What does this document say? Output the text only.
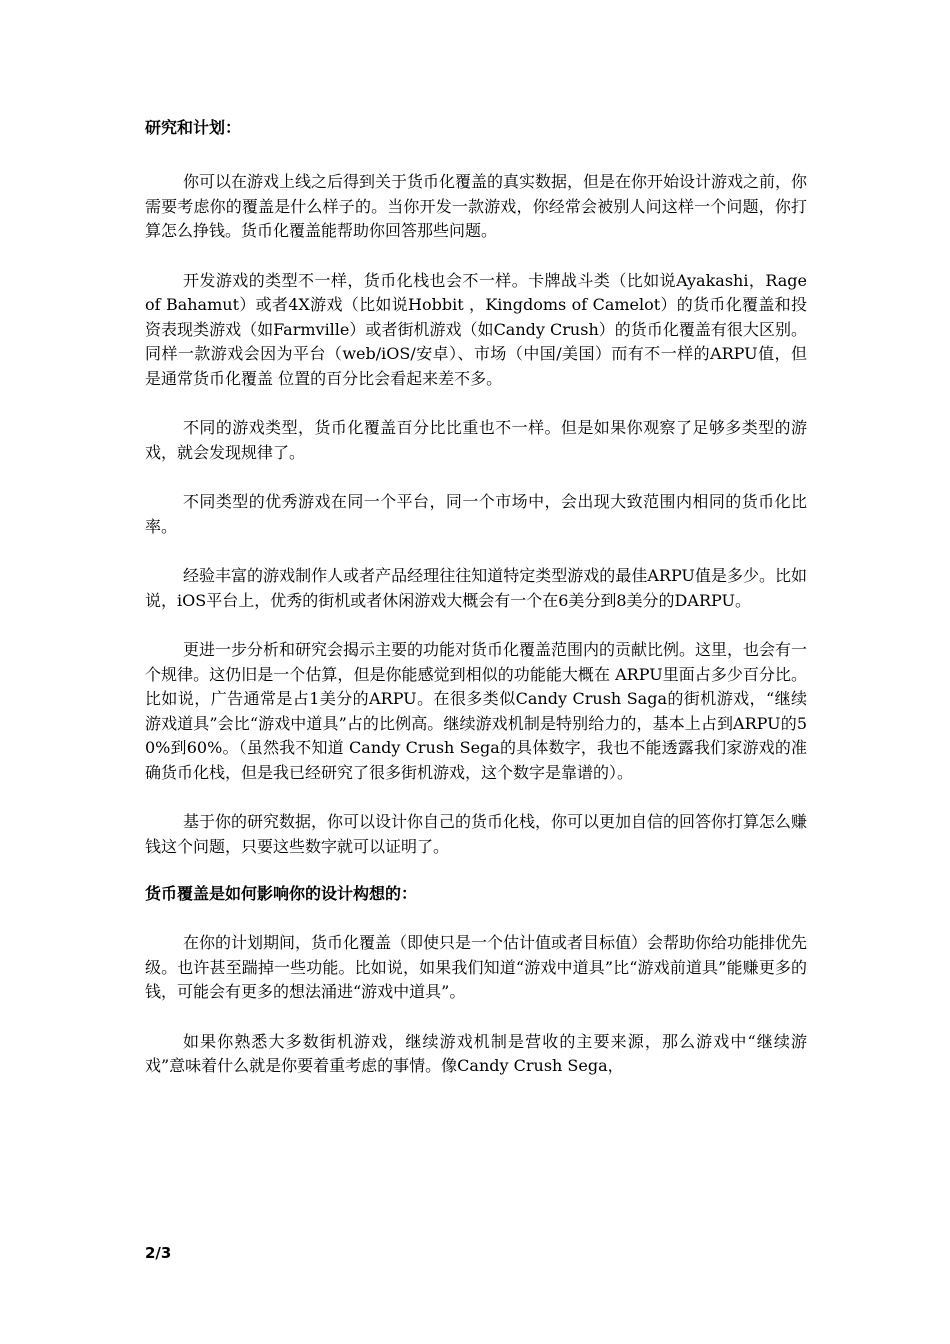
研究和计划：

你可以在游戏上线之后得到关于货币化覆盖的真实数据，但是在你开始设计游戏之前，你需要考虑你的覆盖是什么样子的。当你开发一款游戏，你经常会被别人问这样一个问题，你打算怎么挣钱。货币化覆盖能帮助你回答那些问题。

开发游戏的类型不一样，货币化栈也会不一样。卡牌战斗类（比如说Ayakashi，Rage of Bahamut）或者4X游戏（比如说Hobbit ，Kingdoms of Camelot）的货币化覆盖和投资表现类游戏（如Farmville）或者街机游戏（如Candy Crush）的货币化覆盖有很大区别。同样一款游戏会因为平台（web/iOS/安卓）、市场（中国/美国）而有不一样的ARPU值，但是通常货币化覆盖 位置的百分比会看起来差不多。

不同的游戏类型，货币化覆盖百分比比重也不一样。但是如果你观察了足够多类型的游戏，就会发现规律了。

不同类型的优秀游戏在同一个平台，同一个市场中，会出现大致范围内相同的货币化比率。

经验丰富的游戏制作人或者产品经理往往知道特定类型游戏的最佳ARPU值是多少。比如说，iOS平台上，优秀的街机或者休闲游戏大概会有一个在6美分到8美分的DARPU。

更进一步分析和研究会揭示主要的功能对货币化覆盖范围内的贡献比例。这里，也会有一个规律。这仍旧是一个估算，但是你能感觉到相似的功能能大概在 ARPU里面占多少百分比。比如说，广告通常是占1美分的ARPU。在很多类似Candy Crush Saga的街机游戏，“继续游戏道具”会比“游戏中道具”占的比例高。继续游戏机制是特别给力的，基本上占到ARPU的50%到60%。（虽然我不知道 Candy Crush Sega的具体数字，我也不能透露我们家游戏的准确货币化栈，但是我已经研究了很多街机游戏，这个数字是靠谱的）。

基于你的研究数据，你可以设计你自己的货币化栈，你可以更加自信的回答你打算怎么赚钱这个问题，只要这些数字就可以证明了。

货币覆盖是如何影响你的设计构想的：

在你的计划期间，货币化覆盖（即使只是一个估计值或者目标值）会帮助你给功能排优先级。也许甚至踹掉一些功能。比如说，如果我们知道“游戏中道具”比“游戏前道具”能赚更多的钱，可能会有更多的想法涌进“游戏中道具”。

如果你熟悉大多数街机游戏，继续游戏机制是营收的主要来源，那么游戏中“继续游戏”意味着什么就是你要着重考虑的事情。像Candy Crush Sega，

2/3
